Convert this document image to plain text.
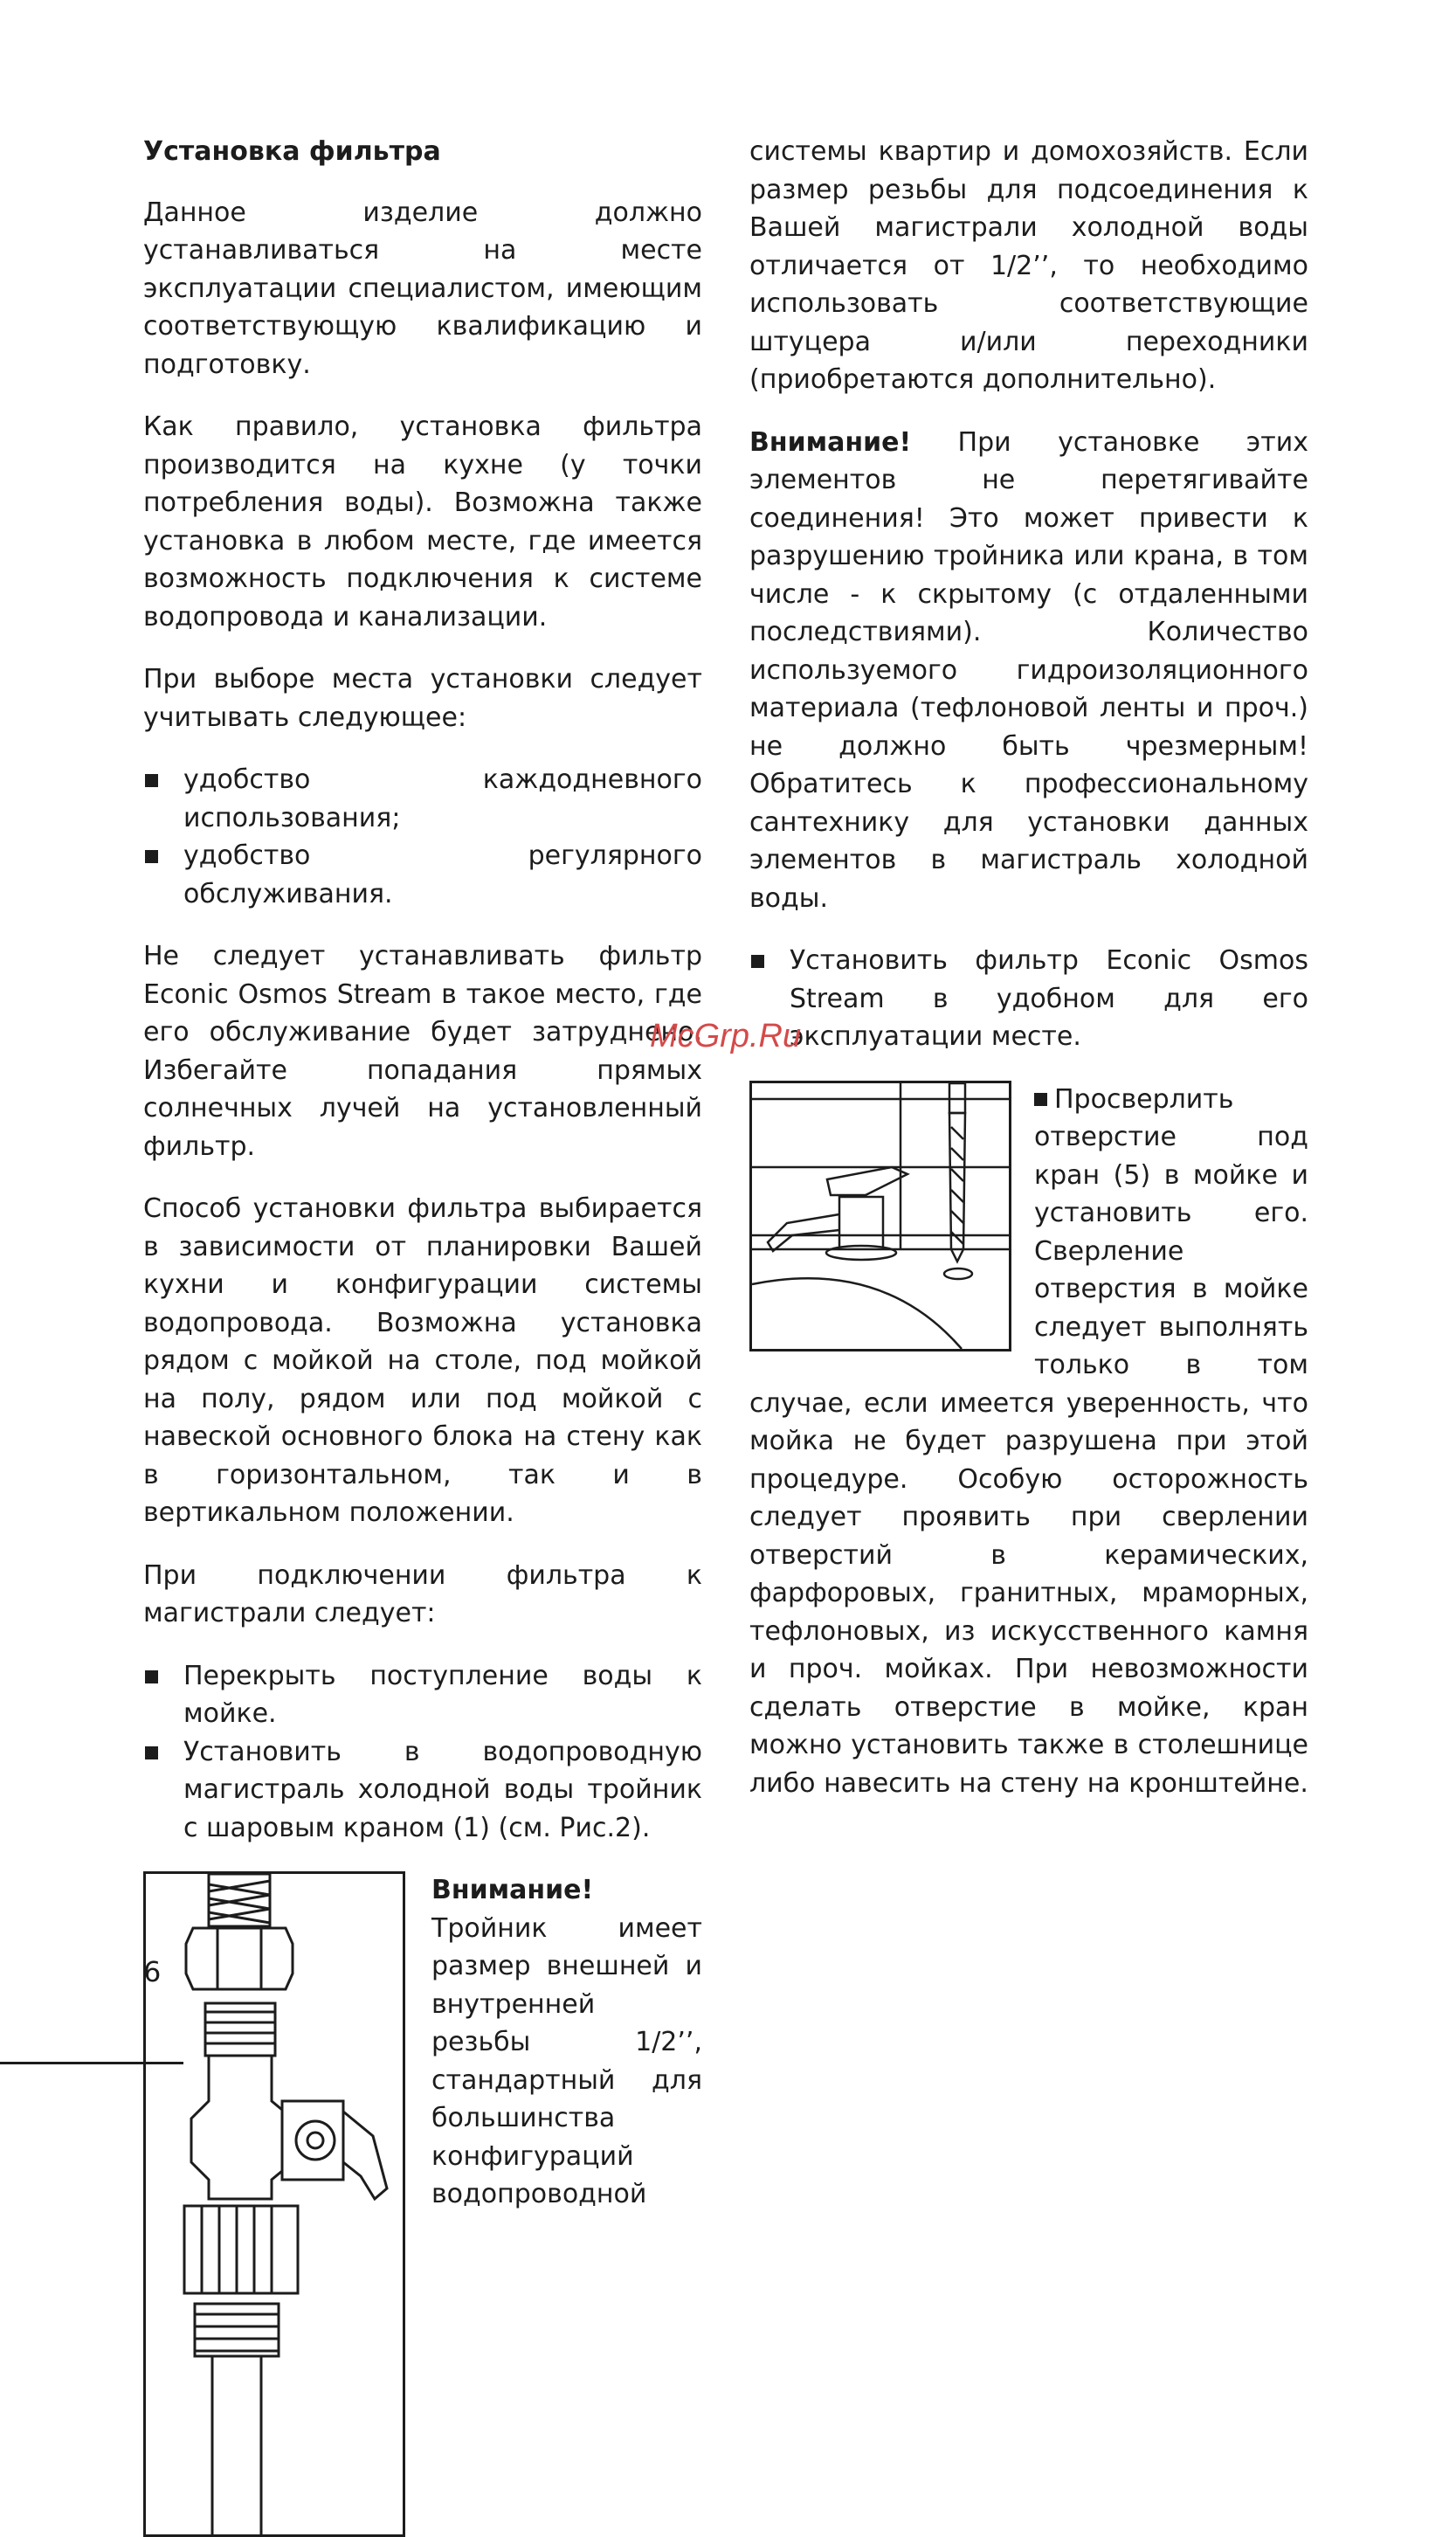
Установка фильтра

Данное изделие должно устанавливаться на месте эксплуатации специалистом, имеющим соответствующую квалификацию и подготовку.

Как правило, установка фильтра производится на кухне (у точки потребления воды). Возможна также установка в любом месте, где имеется возможность подключения к системе водопровода и канализации.

При выборе места установки следует учитывать следующее:

удобство каждодневного использования;
удобство регулярного обслуживания.

Не следует устанавливать фильтр Econic Osmos Stream в такое место, где его обслуживание будет затруднено. Избегайте попадания прямых солнечных лучей на установленный фильтр.

Способ установки фильтра выбирается в зависимости от планировки Вашей кухни и конфигурации системы водопровода. Возможна установка рядом с мойкой на столе, под мойкой на полу, рядом или под мойкой с навеской основного блока на стену как в горизонтальном, так и в вертикальном положении.

При подключении фильтра к магистрали следует:

Перекрыть поступление воды к мойке.
Установить в водопроводную магистраль холодной воды тройник с шаровым краном (1) (см. Рис.2).

Внимание! Тройник имеет размер внешней и внутренней резьбы 1/2’’, стандартный для большинства конфигураций водопроводной

системы квартир и домохозяйств. Если размер резьбы для подсоединения к Вашей магистрали холодной воды отличается от 1/2’’, то необходимо использовать соответствующие штуцера и/или переходники (приобретаются дополнительно).

Внимание! При установке этих элементов не перетягивайте соединения! Это может привести к разрушению тройника или крана, в том числе - к скрытому (с отдаленными последствиями). Количество используемого гидроизоляционного материала (тефлоновой ленты и проч.) не должно быть чрезмерным! Обратитесь к профессиональному сантехнику для установки данных элементов в магистраль холодной воды.

Установить фильтр Econic Osmos Stream в удобном для его эксплуатации месте.

Просверлить отверстие под кран (5) в мойке и установить его. Сверление отверстия в мойке следует выполнять только в том случае, если имеется уверенность, что мойка не будет разрушена при этой процедуре. Особую осторожность следует проявить при сверлении отверстий в керамических, фарфоровых, гранитных, мраморных, тефлоновых, из искусственного камня и проч. мойках. При невозможности сделать отверстие в мойке, кран можно установить также в столешнице либо навесить на стену на кронштейне.

McGrp.Ru
6
